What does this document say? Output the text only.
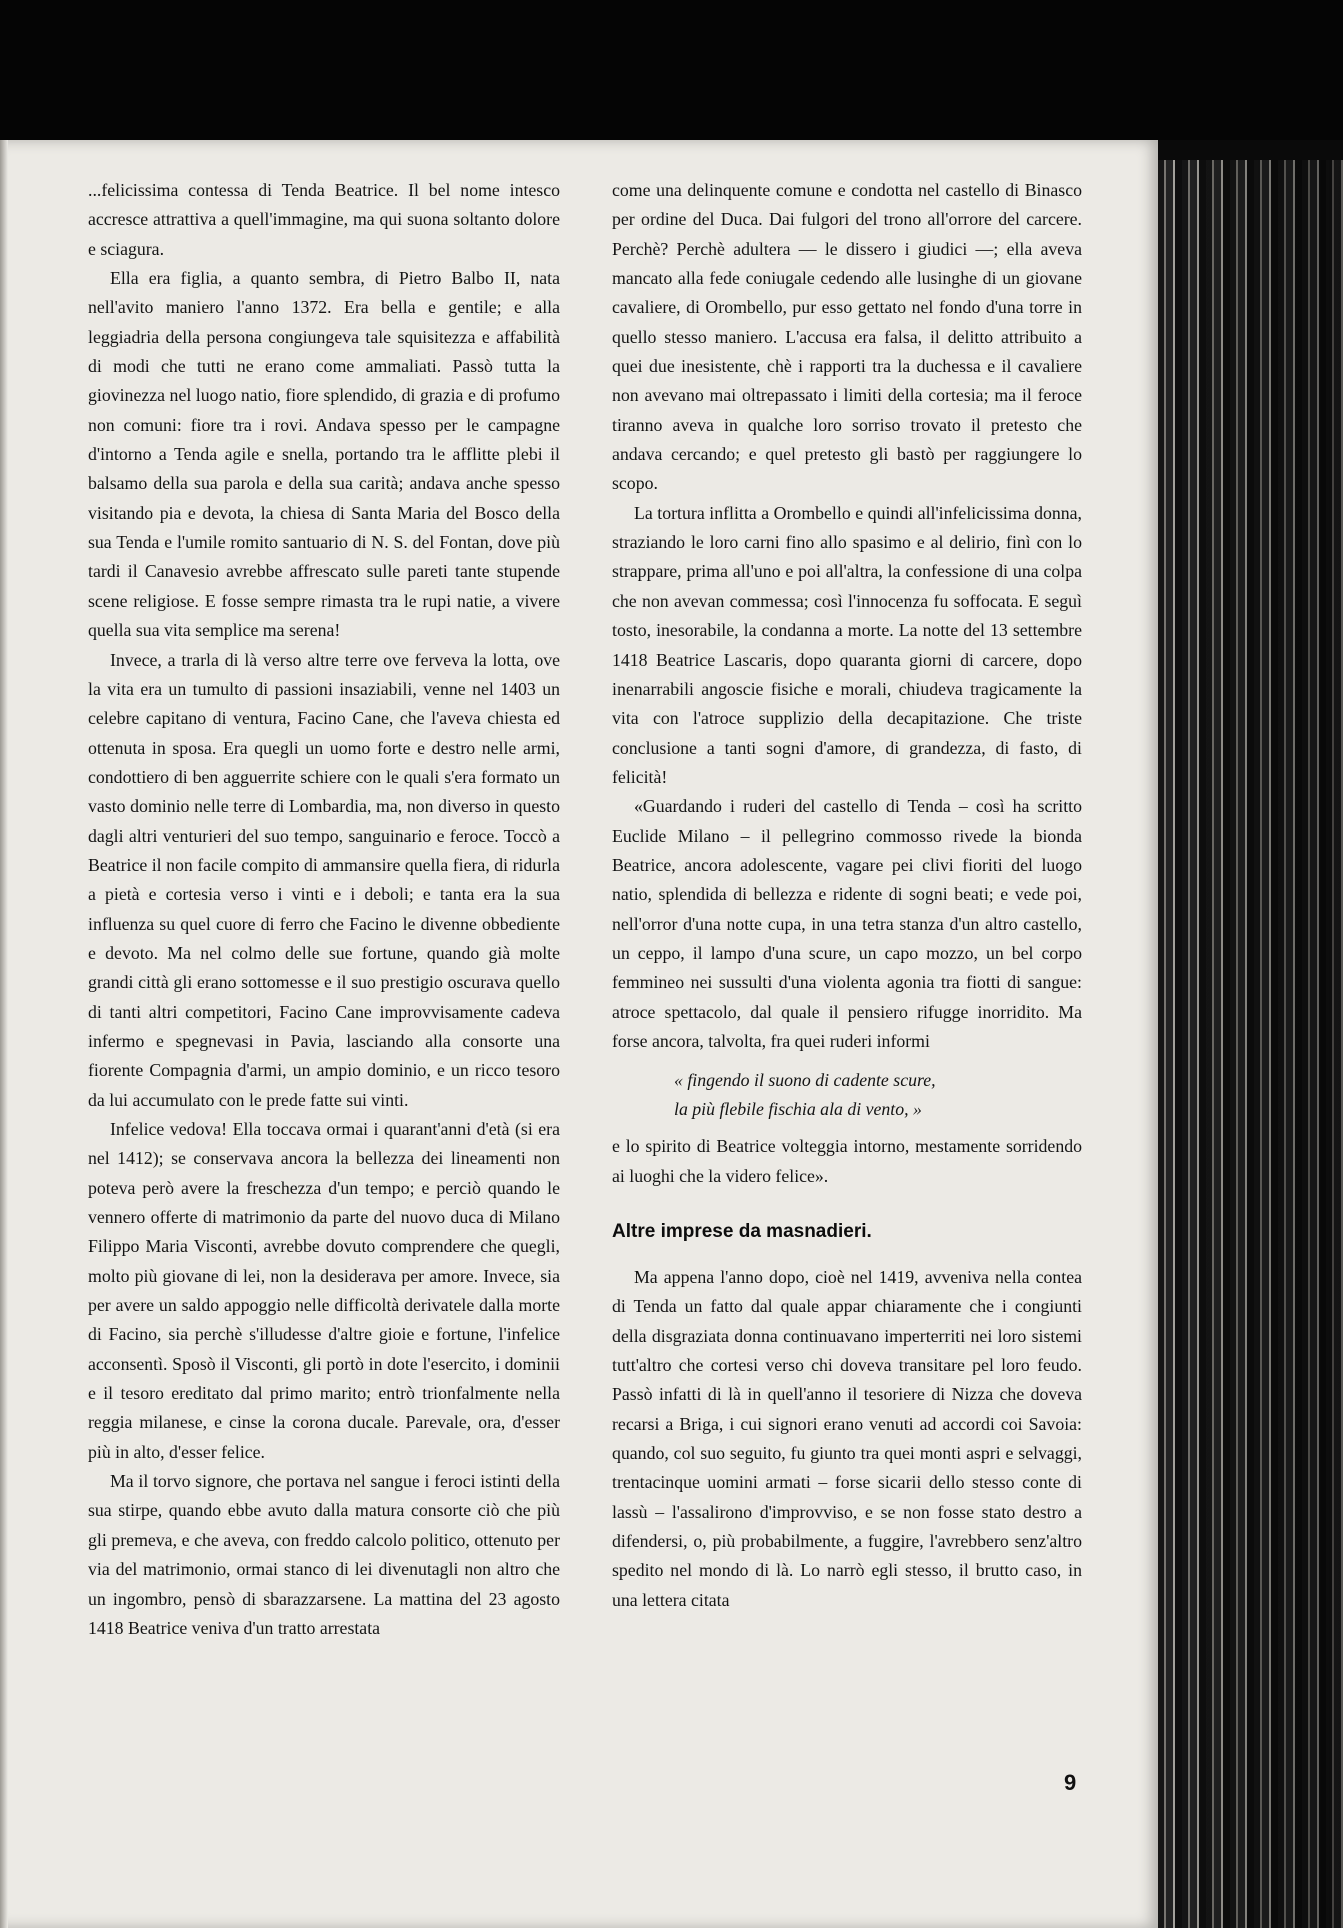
...felicissima contessa di Tenda Beatrice. Il bel nome intesco accresce attrattiva a quell'immagine, ma qui suona soltanto dolore e sciagura.

Ella era figlia, a quanto sembra, di Pietro Balbo II, nata nell'avito maniero l'anno 1372. Era bella e gentile; e alla leggiadria della persona congiungeva tale squisitezza e affabilità di modi che tutti ne erano come ammaliati. Passò tutta la giovinezza nel luogo natio, fiore splendido, di grazia e di profumo non comuni: fiore tra i rovi. Andava spesso per le campagne d'intorno a Tenda agile e snella, portando tra le afflitte plebi il balsamo della sua parola e della sua carità; andava anche spesso visitando pia e devota, la chiesa di Santa Maria del Bosco della sua Tenda e l'umile romito santuario di N. S. del Fontan, dove più tardi il Canavesio avrebbe affrescato sulle pareti tante stupende scene religiose. E fosse sempre rimasta tra le rupi natie, a vivere quella sua vita semplice ma serena!

Invece, a trarla di là verso altre terre ove ferveva la lotta, ove la vita era un tumulto di passioni insaziabili, venne nel 1403 un celebre capitano di ventura, Facino Cane, che l'aveva chiesta ed ottenuta in sposa. Era quegli un uomo forte e destro nelle armi, condottiero di ben agguerrite schiere con le quali s'era formato un vasto dominio nelle terre di Lombardia, ma, non diverso in questo dagli altri venturieri del suo tempo, sanguinario e feroce. Toccò a Beatrice il non facile compito di ammansire quella fiera, di ridurla a pietà e cortesia verso i vinti e i deboli; e tanta era la sua influenza su quel cuore di ferro che Facino le divenne obbediente e devoto. Ma nel colmo delle sue fortune, quando già molte grandi città gli erano sottomesse e il suo prestigio oscurava quello di tanti altri competitori, Facino Cane improvvisamente cadeva infermo e spegnevasi in Pavia, lasciando alla consorte una fiorente Compagnia d'armi, un ampio dominio, e un ricco tesoro da lui accumulato con le prede fatte sui vinti.

Infelice vedova! Ella toccava ormai i quarant'anni d'età (si era nel 1412); se conservava ancora la bellezza dei lineamenti non poteva però avere la freschezza d'un tempo; e perciò quando le vennero offerte di matrimonio da parte del nuovo duca di Milano Filippo Maria Visconti, avrebbe dovuto comprendere che quegli, molto più giovane di lei, non la desiderava per amore. Invece, sia per avere un saldo appoggio nelle difficoltà derivatele dalla morte di Facino, sia perchè s'illudesse d'altre gioie e fortune, l'infelice acconsentì. Sposò il Visconti, gli portò in dote l'esercito, i dominii e il tesoro ereditato dal primo marito; entrò trionfalmente nella reggia milanese, e cinse la corona ducale. Parevale, ora, d'esser più in alto, d'esser felice.

Ma il torvo signore, che portava nel sangue i feroci istinti della sua stirpe, quando ebbe avuto dalla matura consorte ciò che più gli premeva, e che aveva, con freddo calcolo politico, ottenuto per via del matrimonio, ormai stanco di lei divenutagli non altro che un ingombro, pensò di sbarazzarsene. La mattina del 23 agosto 1418 Beatrice veniva d'un tratto arrestata

come una delinquente comune e condotta nel castello di Binasco per ordine del Duca. Dai fulgori del trono all'orrore del carcere. Perchè? Perchè adultera — le dissero i giudici —; ella aveva mancato alla fede coniugale cedendo alle lusinghe di un giovane cavaliere, di Orombello, pur esso gettato nel fondo d'una torre in quello stesso maniero. L'accusa era falsa, il delitto attribuito a quei due inesistente, chè i rapporti tra la duchessa e il cavaliere non avevano mai oltrepassato i limiti della cortesia; ma il feroce tiranno aveva in qualche loro sorriso trovato il pretesto che andava cercando; e quel pretesto gli bastò per raggiungere lo scopo.

La tortura inflitta a Orombello e quindi all'infelicissima donna, straziando le loro carni fino allo spasimo e al delirio, finì con lo strappare, prima all'uno e poi all'altra, la confessione di una colpa che non avevan commessa; così l'innocenza fu soffocata. E seguì tosto, inesorabile, la condanna a morte. La notte del 13 settembre 1418 Beatrice Lascaris, dopo quaranta giorni di carcere, dopo inenarrabili angoscie fisiche e morali, chiudeva tragicamente la vita con l'atroce supplizio della decapitazione. Che triste conclusione a tanti sogni d'amore, di grandezza, di fasto, di felicità!

«Guardando i ruderi del castello di Tenda – così ha scritto Euclide Milano – il pellegrino commosso rivede la bionda Beatrice, ancora adolescente, vagare pei clivi fioriti del luogo natio, splendida di bellezza e ridente di sogni beati; e vede poi, nell'orror d'una notte cupa, in una tetra stanza d'un altro castello, un ceppo, il lampo d'una scure, un capo mozzo, un bel corpo femmineo nei sussulti d'una violenta agonia tra fiotti di sangue: atroce spettacolo, dal quale il pensiero rifugge inorridito. Ma forse ancora, talvolta, fra quei ruderi informi

« fingendo il suono di cadente scure,
la più flebile fischia ala di vento, »

e lo spirito di Beatrice volteggia intorno, mestamente sorridendo ai luoghi che la videro felice».

Altre imprese da masnadieri.

Ma appena l'anno dopo, cioè nel 1419, avveniva nella contea di Tenda un fatto dal quale appar chiaramente che i congiunti della disgraziata donna continuavano imperterriti nei loro sistemi tutt'altro che cortesi verso chi doveva transitare pel loro feudo. Passò infatti di là in quell'anno il tesoriere di Nizza che doveva recarsi a Briga, i cui signori erano venuti ad accordi coi Savoia: quando, col suo seguito, fu giunto tra quei monti aspri e selvaggi, trentacinque uomini armati – forse sicarii dello stesso conte di lassù – l'assalirono d'improvviso, e se non fosse stato destro a difendersi, o, più probabilmente, a fuggire, l'avrebbero senz'altro spedito nel mondo di là. Lo narrò egli stesso, il brutto caso, in una lettera citata

9
